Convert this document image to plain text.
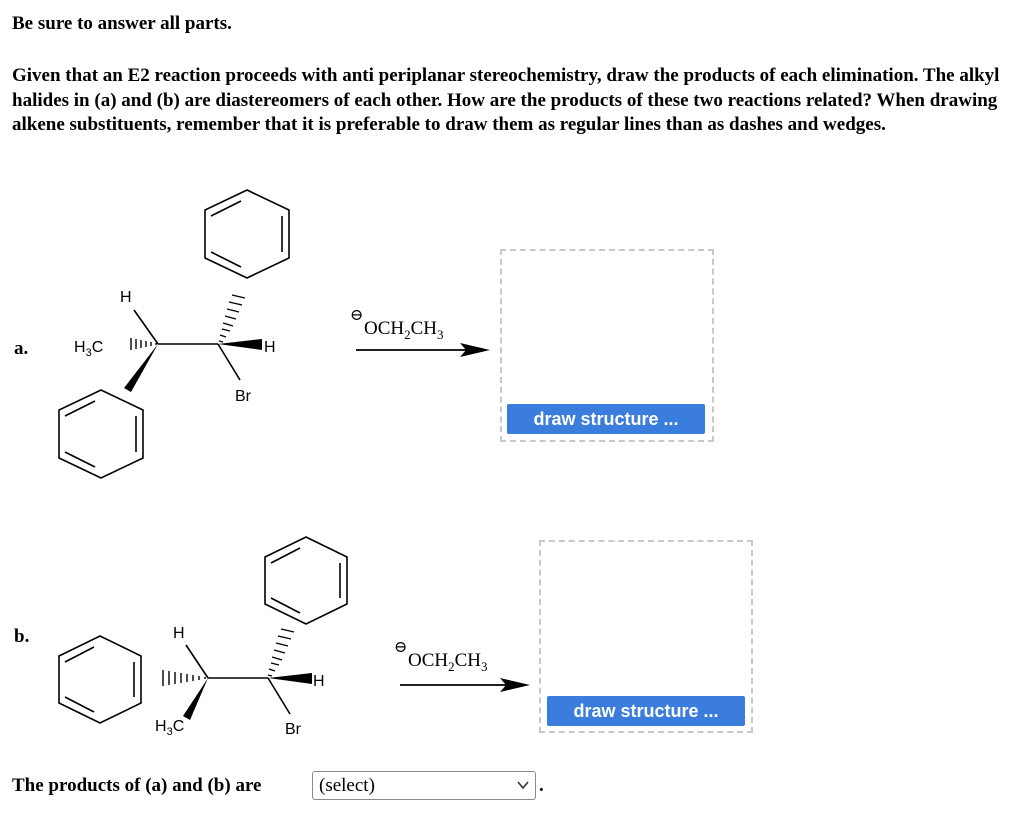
Be sure to answer all parts.

Given that an E2 reaction proceeds with anti periplanar stereochemistry, draw the products of each elimination. The alkyl halides in (a) and (b) are diastereomers of each other. How are the products of these two reactions related? When drawing alkene substituents, remember that it is preferable to draw them as regular lines than as dashes and wedges.

a.
b.
H
$H_3C$	H
Br
⊖
$OCH_2CH_3$
H
$H_3C$
H
Br
⊖
$OCH_2CH_3$
draw structure ...
draw structure ...
The products of (a) and (b) are	(select)	.
